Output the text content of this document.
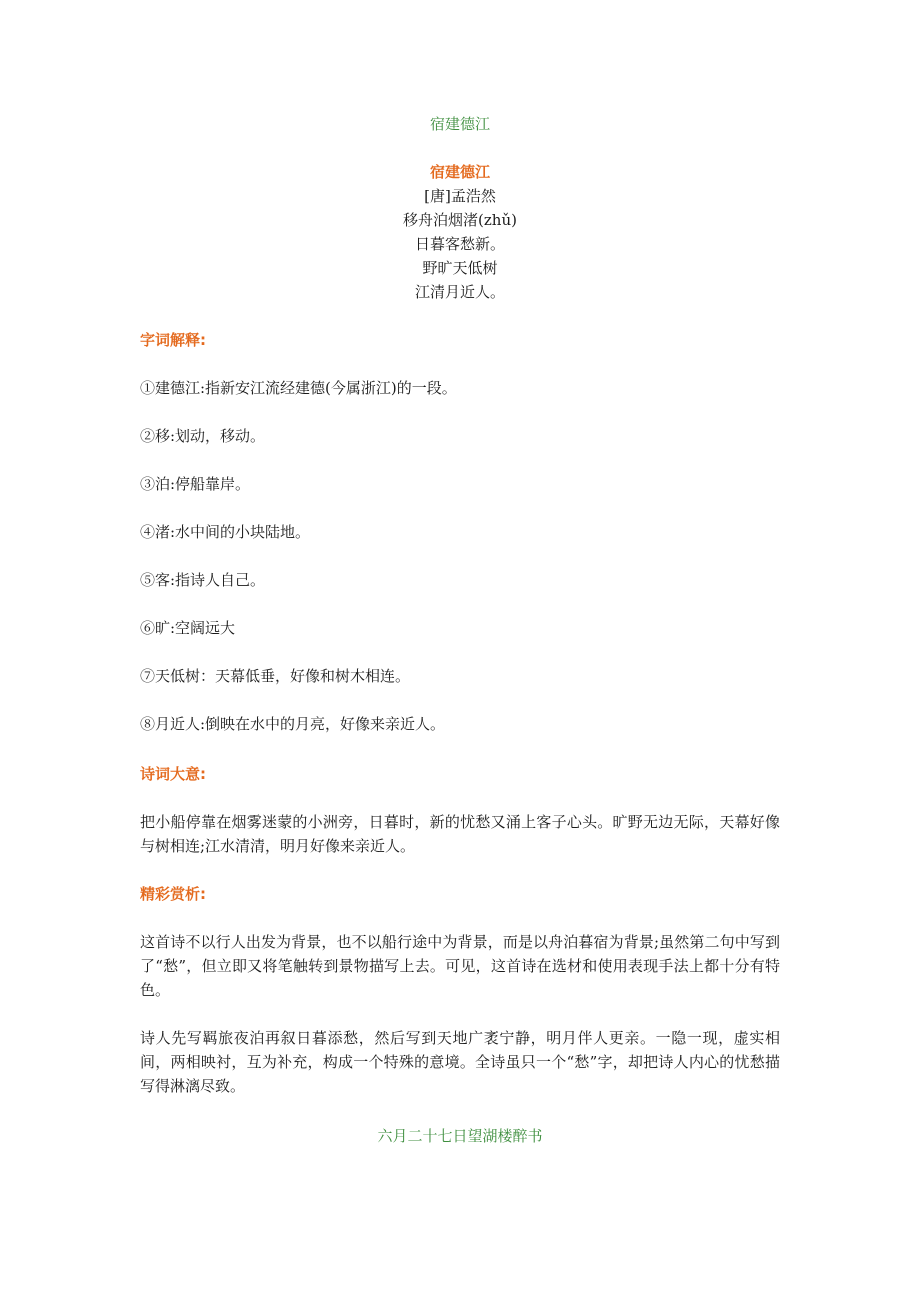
宿建德江
宿建德江
[唐]孟浩然
移舟泊烟渚(zhǔ)
日暮客愁新。
野旷天低树
江清月近人。
字词解释:
①建德江:指新安江流经建德(今属浙江)的一段。
②移:划动，移动。
③泊:停船靠岸。
④渚:水中间的小块陆地。
⑤客:指诗人自己。
⑥旷:空阔远大
⑦天低树：天幕低垂，好像和树木相连。
⑧月近人:倒映在水中的月亮，好像来亲近人。
诗词大意:
把小船停靠在烟雾迷蒙的小洲旁，日暮时，新的忧愁又涌上客子心头。旷野无边无际，天幕好像与树相连;江水清清，明月好像来亲近人。
精彩赏析:
这首诗不以行人出发为背景，也不以船行途中为背景，而是以舟泊暮宿为背景;虽然第二句中写到了“愁”，但立即又将笔触转到景物描写上去。可见，这首诗在选材和使用表现手法上都十分有特色。
诗人先写羁旅夜泊再叙日暮添愁，然后写到天地广袤宁静，明月伴人更亲。一隐一现，虚实相间，两相映衬，互为补充，构成一个特殊的意境。全诗虽只一个“愁”字，却把诗人内心的忧愁描写得淋漓尽致。
六月二十七日望湖楼醉书
